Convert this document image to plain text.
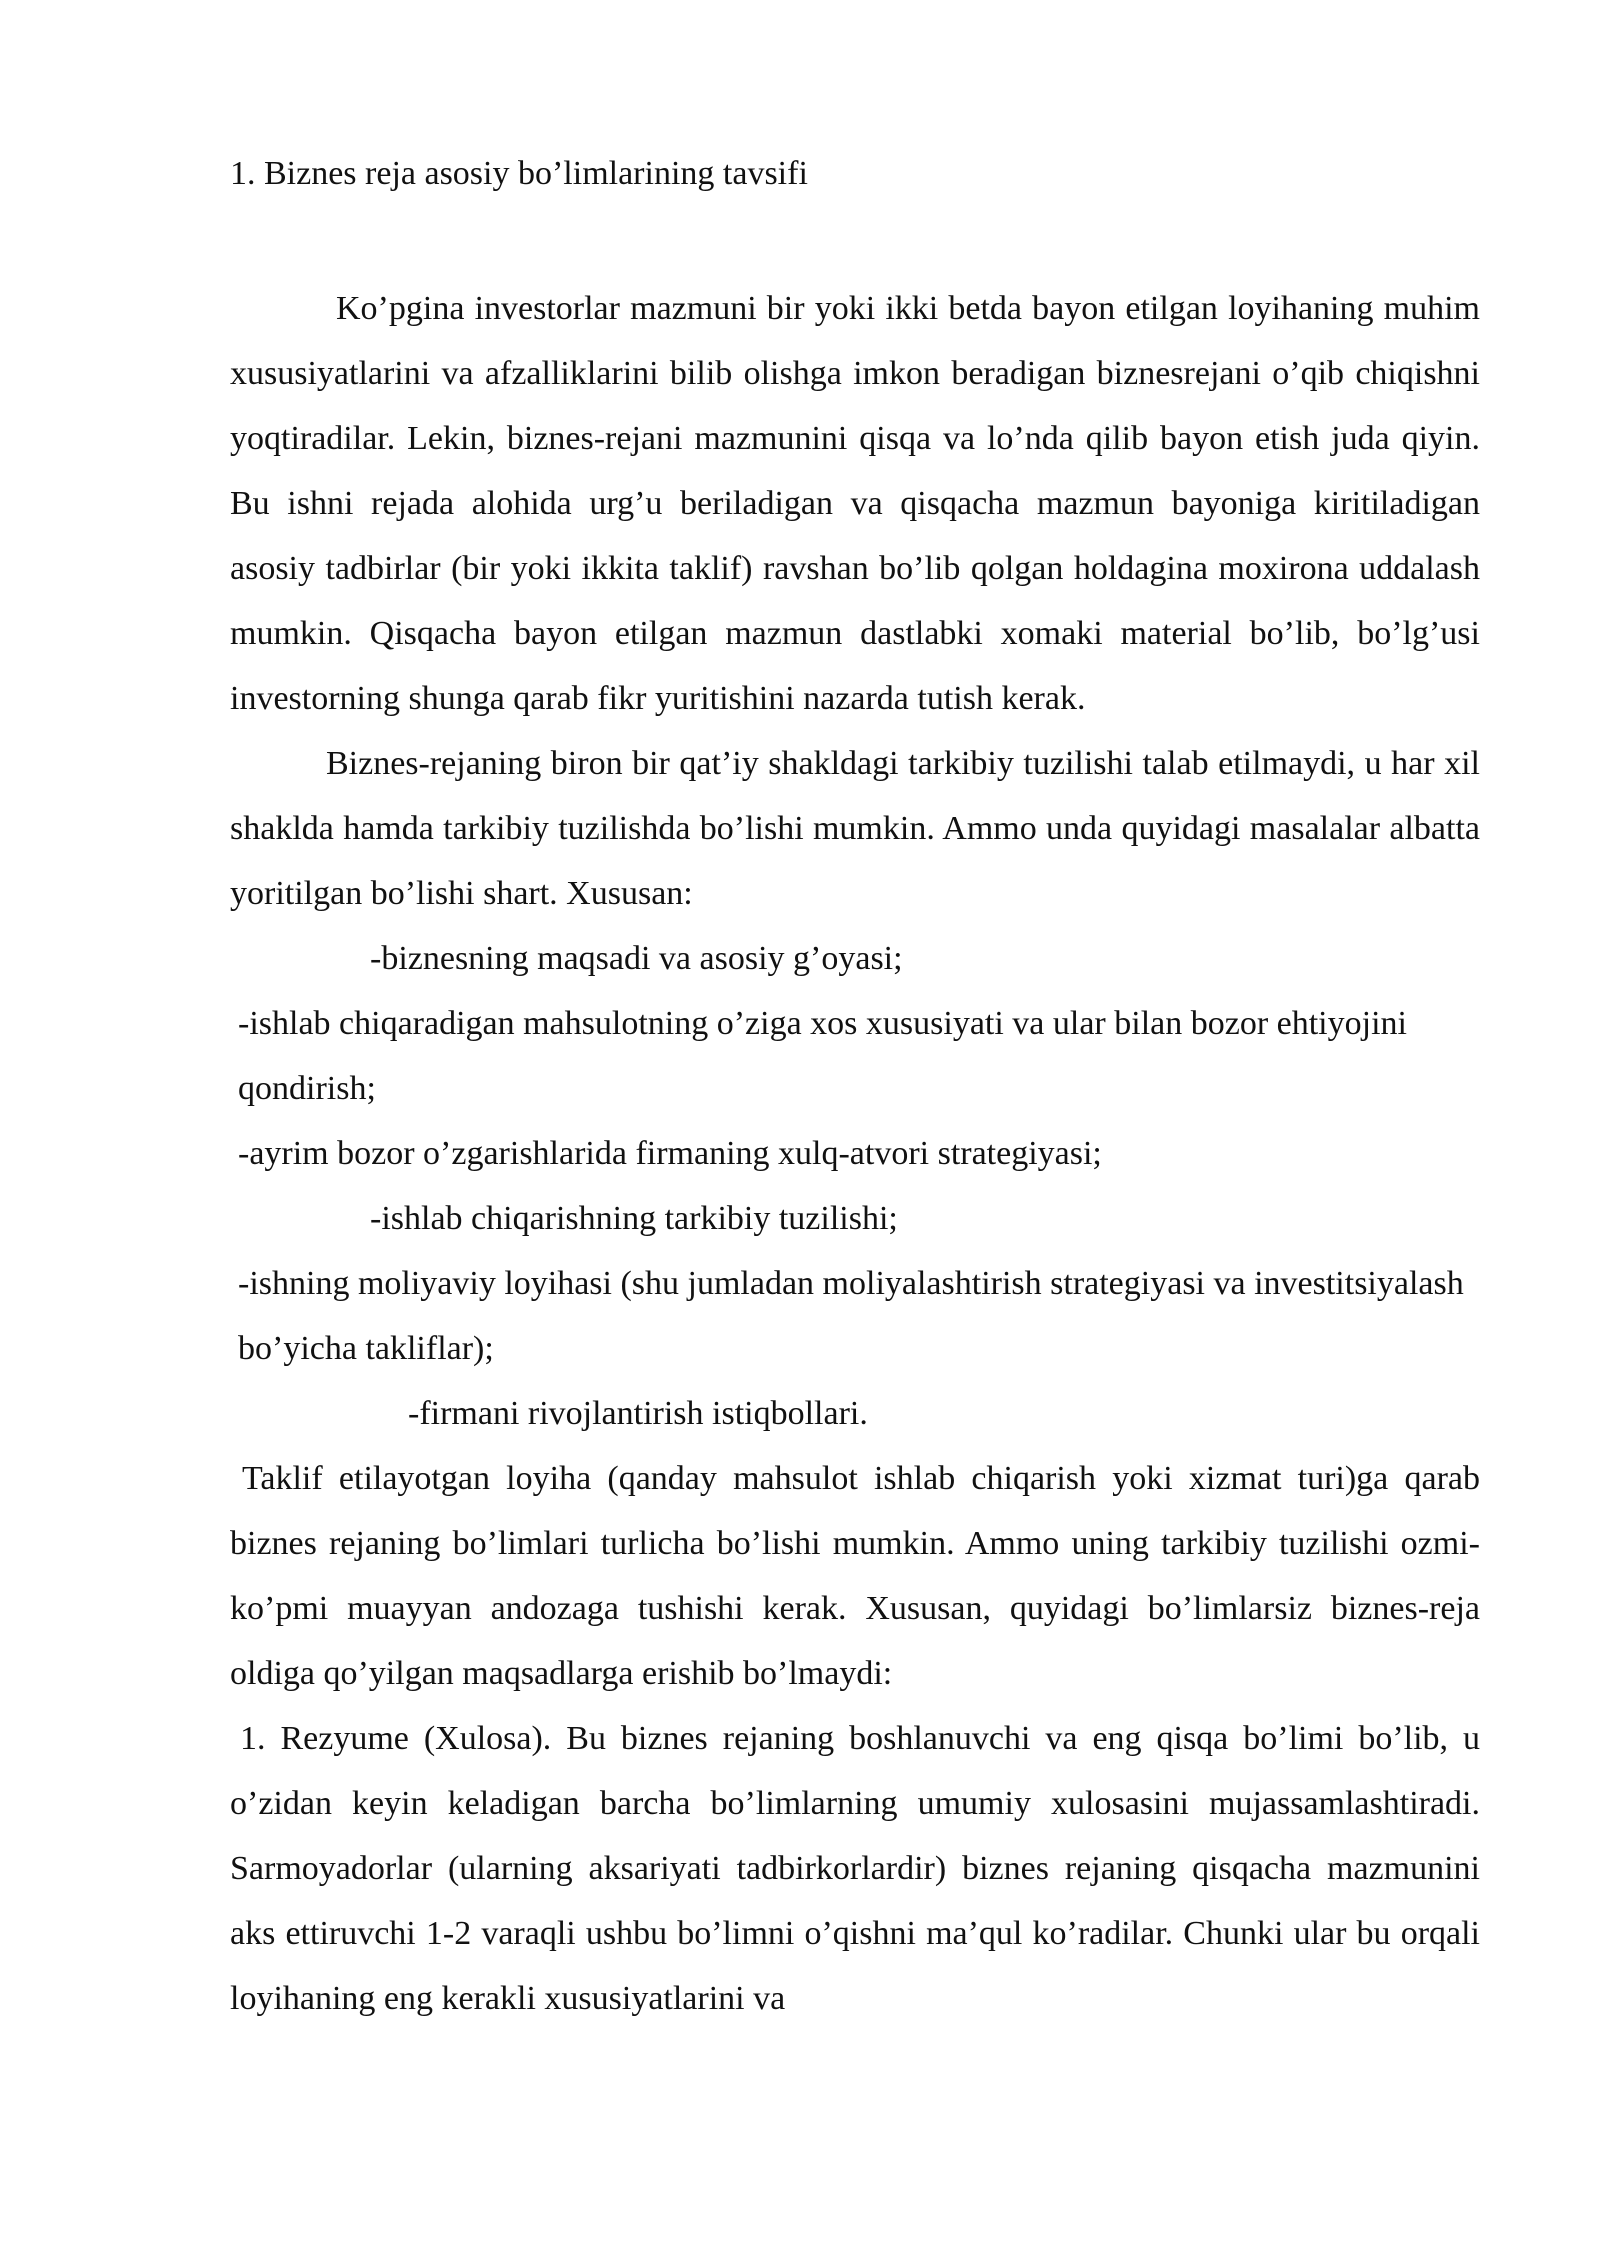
1. Biznes reja asosiy bo’limlarining tavsifi

Ko’pgina investorlar mazmuni bir yoki ikki betda bayon etilgan loyihaning muhim xususiyatlarini va afzalliklarini bilib olishga imkon beradigan biznesrejani o’qib chiqishni yoqtiradilar. Lekin, biznes-rejani mazmunini qisqa va lo’nda qilib bayon etish juda qiyin. Bu ishni rejada alohida urg’u beriladigan va qisqacha mazmun bayoniga kiritiladigan asosiy tadbirlar (bir yoki ikkita taklif) ravshan bo’lib qolgan holdagina moxirona uddalash mumkin. Qisqacha bayon etilgan mazmun dastlabki xomaki material bo’lib, bo’lg’usi investorning shunga qarab fikr yuritishini nazarda tutish kerak.

Biznes-rejaning biron bir qat’iy shakldagi tarkibiy tuzilishi talab etilmaydi, u har xil shaklda hamda tarkibiy tuzilishda bo’lishi mumkin. Ammo unda quyidagi masalalar albatta yoritilgan bo’lishi shart. Xususan:

-biznesning maqsadi va asosiy g’oyasi;

-ishlab chiqaradigan mahsulotning o’ziga xos xususiyati va ular bilan bozor ehtiyojini qondirish;

-ayrim bozor o’zgarishlarida firmaning xulq-atvori strategiyasi;

-ishlab chiqarishning tarkibiy tuzilishi;

-ishning moliyaviy loyihasi (shu jumladan moliyalashtirish strategiyasi va investitsiyalash bo’yicha takliflar);

-firmani rivojlantirish istiqbollari.

Taklif etilayotgan loyiha (qanday mahsulot ishlab chiqarish yoki xizmat turi)ga qarab biznes rejaning bo’limlari turlicha bo’lishi mumkin. Ammo uning tarkibiy tuzilishi ozmi-ko’pmi muayyan andozaga tushishi kerak. Xususan, quyidagi bo’limlarsiz biznes-reja oldiga qo’yilgan maqsadlarga erishib bo’lmaydi:

1. Rezyume (Xulosa). Bu biznes rejaning boshlanuvchi va eng qisqa bo’limi bo’lib, u o’zidan keyin keladigan barcha bo’limlarning umumiy xulosasini mujassamlashtiradi. Sarmoyadorlar (ularning aksariyati tadbirkorlardir) biznes rejaning qisqacha mazmunini aks ettiruvchi 1-2 varaqli ushbu bo’limni o’qishni ma’qul ko’radilar. Chunki ular bu orqali loyihaning eng kerakli xususiyatlarini va
